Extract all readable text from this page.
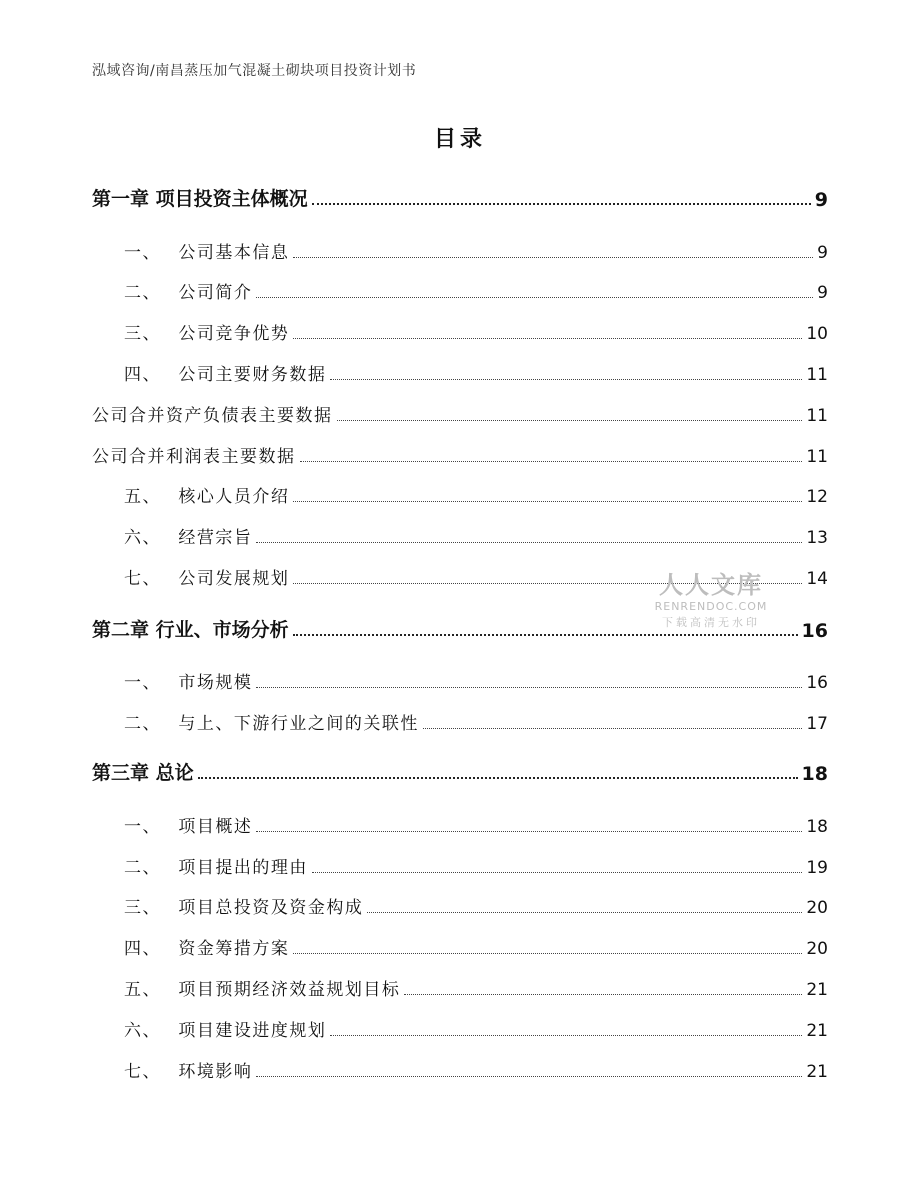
泓域咨询/南昌蒸压加气混凝土砌块项目投资计划书
目录
第一章 项目投资主体概况	9
一、	公司基本信息	9
二、	公司简介	9
三、	公司竞争优势	10
四、	公司主要财务数据	11
公司合并资产负债表主要数据	11
公司合并利润表主要数据	11
五、	核心人员介绍	12
六、	经营宗旨	13
七、	公司发展规划	14
第二章 行业、市场分析	16
一、	市场规模	16
二、	与上、下游行业之间的关联性	17
第三章 总论	18
一、	项目概述	18
二、	项目提出的理由	19
三、	项目总投资及资金构成	20
四、	资金筹措方案	20
五、	项目预期经济效益规划目标	21
六、	项目建设进度规划	21
七、	环境影响	21
人人文库
RENRENDOC.COM
下载高清无水印
